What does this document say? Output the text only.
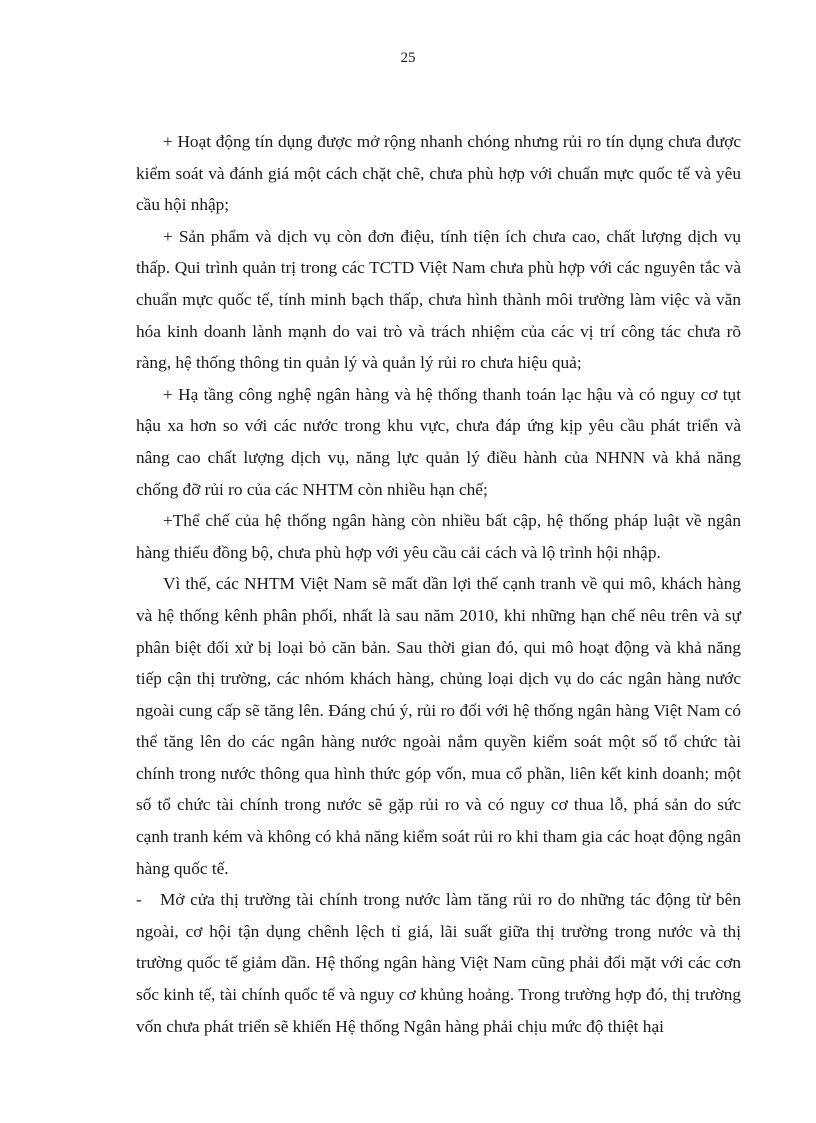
25

+ Hoạt động tín dụng được mở rộng nhanh chóng nhưng rủi ro tín dụng chưa được kiểm soát và đánh giá một cách chặt chẽ, chưa phù hợp với chuẩn mực quốc tế và yêu cầu hội nhập;

+ Sản phẩm và dịch vụ còn đơn điệu, tính tiện ích chưa cao, chất lượng dịch vụ thấp. Qui trình quản trị trong các TCTD Việt Nam chưa phù hợp với các nguyên tắc và chuẩn mực quốc tế, tính minh bạch thấp, chưa hình thành môi trường làm việc và văn hóa kinh doanh lành mạnh do vai trò và trách nhiệm của các vị trí công tác chưa rõ ràng, hệ thống thông tin quản lý và quản lý rủi ro chưa hiệu quả;

+ Hạ tầng công nghệ ngân hàng và hệ thống thanh toán lạc hậu và có nguy cơ tụt hậu xa hơn so với các nước trong khu vực, chưa đáp ứng kịp yêu cầu phát triển và nâng cao chất lượng dịch vụ, năng lực quản lý điều hành của NHNN và khả năng chống đỡ rủi ro của các NHTM còn nhiều hạn chế;

+Thể chế của hệ thống ngân hàng còn nhiều bất cập, hệ thống pháp luật về ngân hàng thiếu đồng bộ, chưa phù hợp với yêu cầu cải cách và lộ trình hội nhập.

Vì thế, các NHTM Việt Nam sẽ mất dần lợi thế cạnh tranh về qui mô, khách hàng và hệ thống kênh phân phối, nhất là sau năm 2010, khi những hạn chế nêu trên và sự phân biệt đối xử bị loại bỏ căn bản. Sau thời gian đó, qui mô hoạt động và khả năng tiếp cận thị trường, các nhóm khách hàng, chủng loại dịch vụ do các ngân hàng nước ngoài cung cấp sẽ tăng lên. Đáng chú ý, rủi ro đối với hệ thống ngân hàng Việt Nam có thể tăng lên do các ngân hàng nước ngoài nắm quyền kiểm soát một số tổ chức tài chính trong nước thông qua hình thức góp vốn, mua cổ phần, liên kết kinh doanh; một số tổ chức tài chính trong nước sẽ gặp rủi ro và có nguy cơ thua lỗ, phá sản do sức cạnh tranh kém và không có khả năng kiểm soát rủi ro khi tham gia các hoạt động ngân hàng quốc tế.

- Mở cửa thị trường tài chính trong nước làm tăng rủi ro do những tác động từ bên ngoài, cơ hội tận dụng chênh lệch tỉ giá, lãi suất giữa thị trường trong nước và thị trường quốc tế giảm dần. Hệ thống ngân hàng Việt Nam cũng phải đối mặt với các cơn sốc kinh tế, tài chính quốc tế và nguy cơ khủng hoảng. Trong trường hợp đó, thị trường vốn chưa phát triển sẽ khiến Hệ thống Ngân hàng phải chịu mức độ thiệt hại
